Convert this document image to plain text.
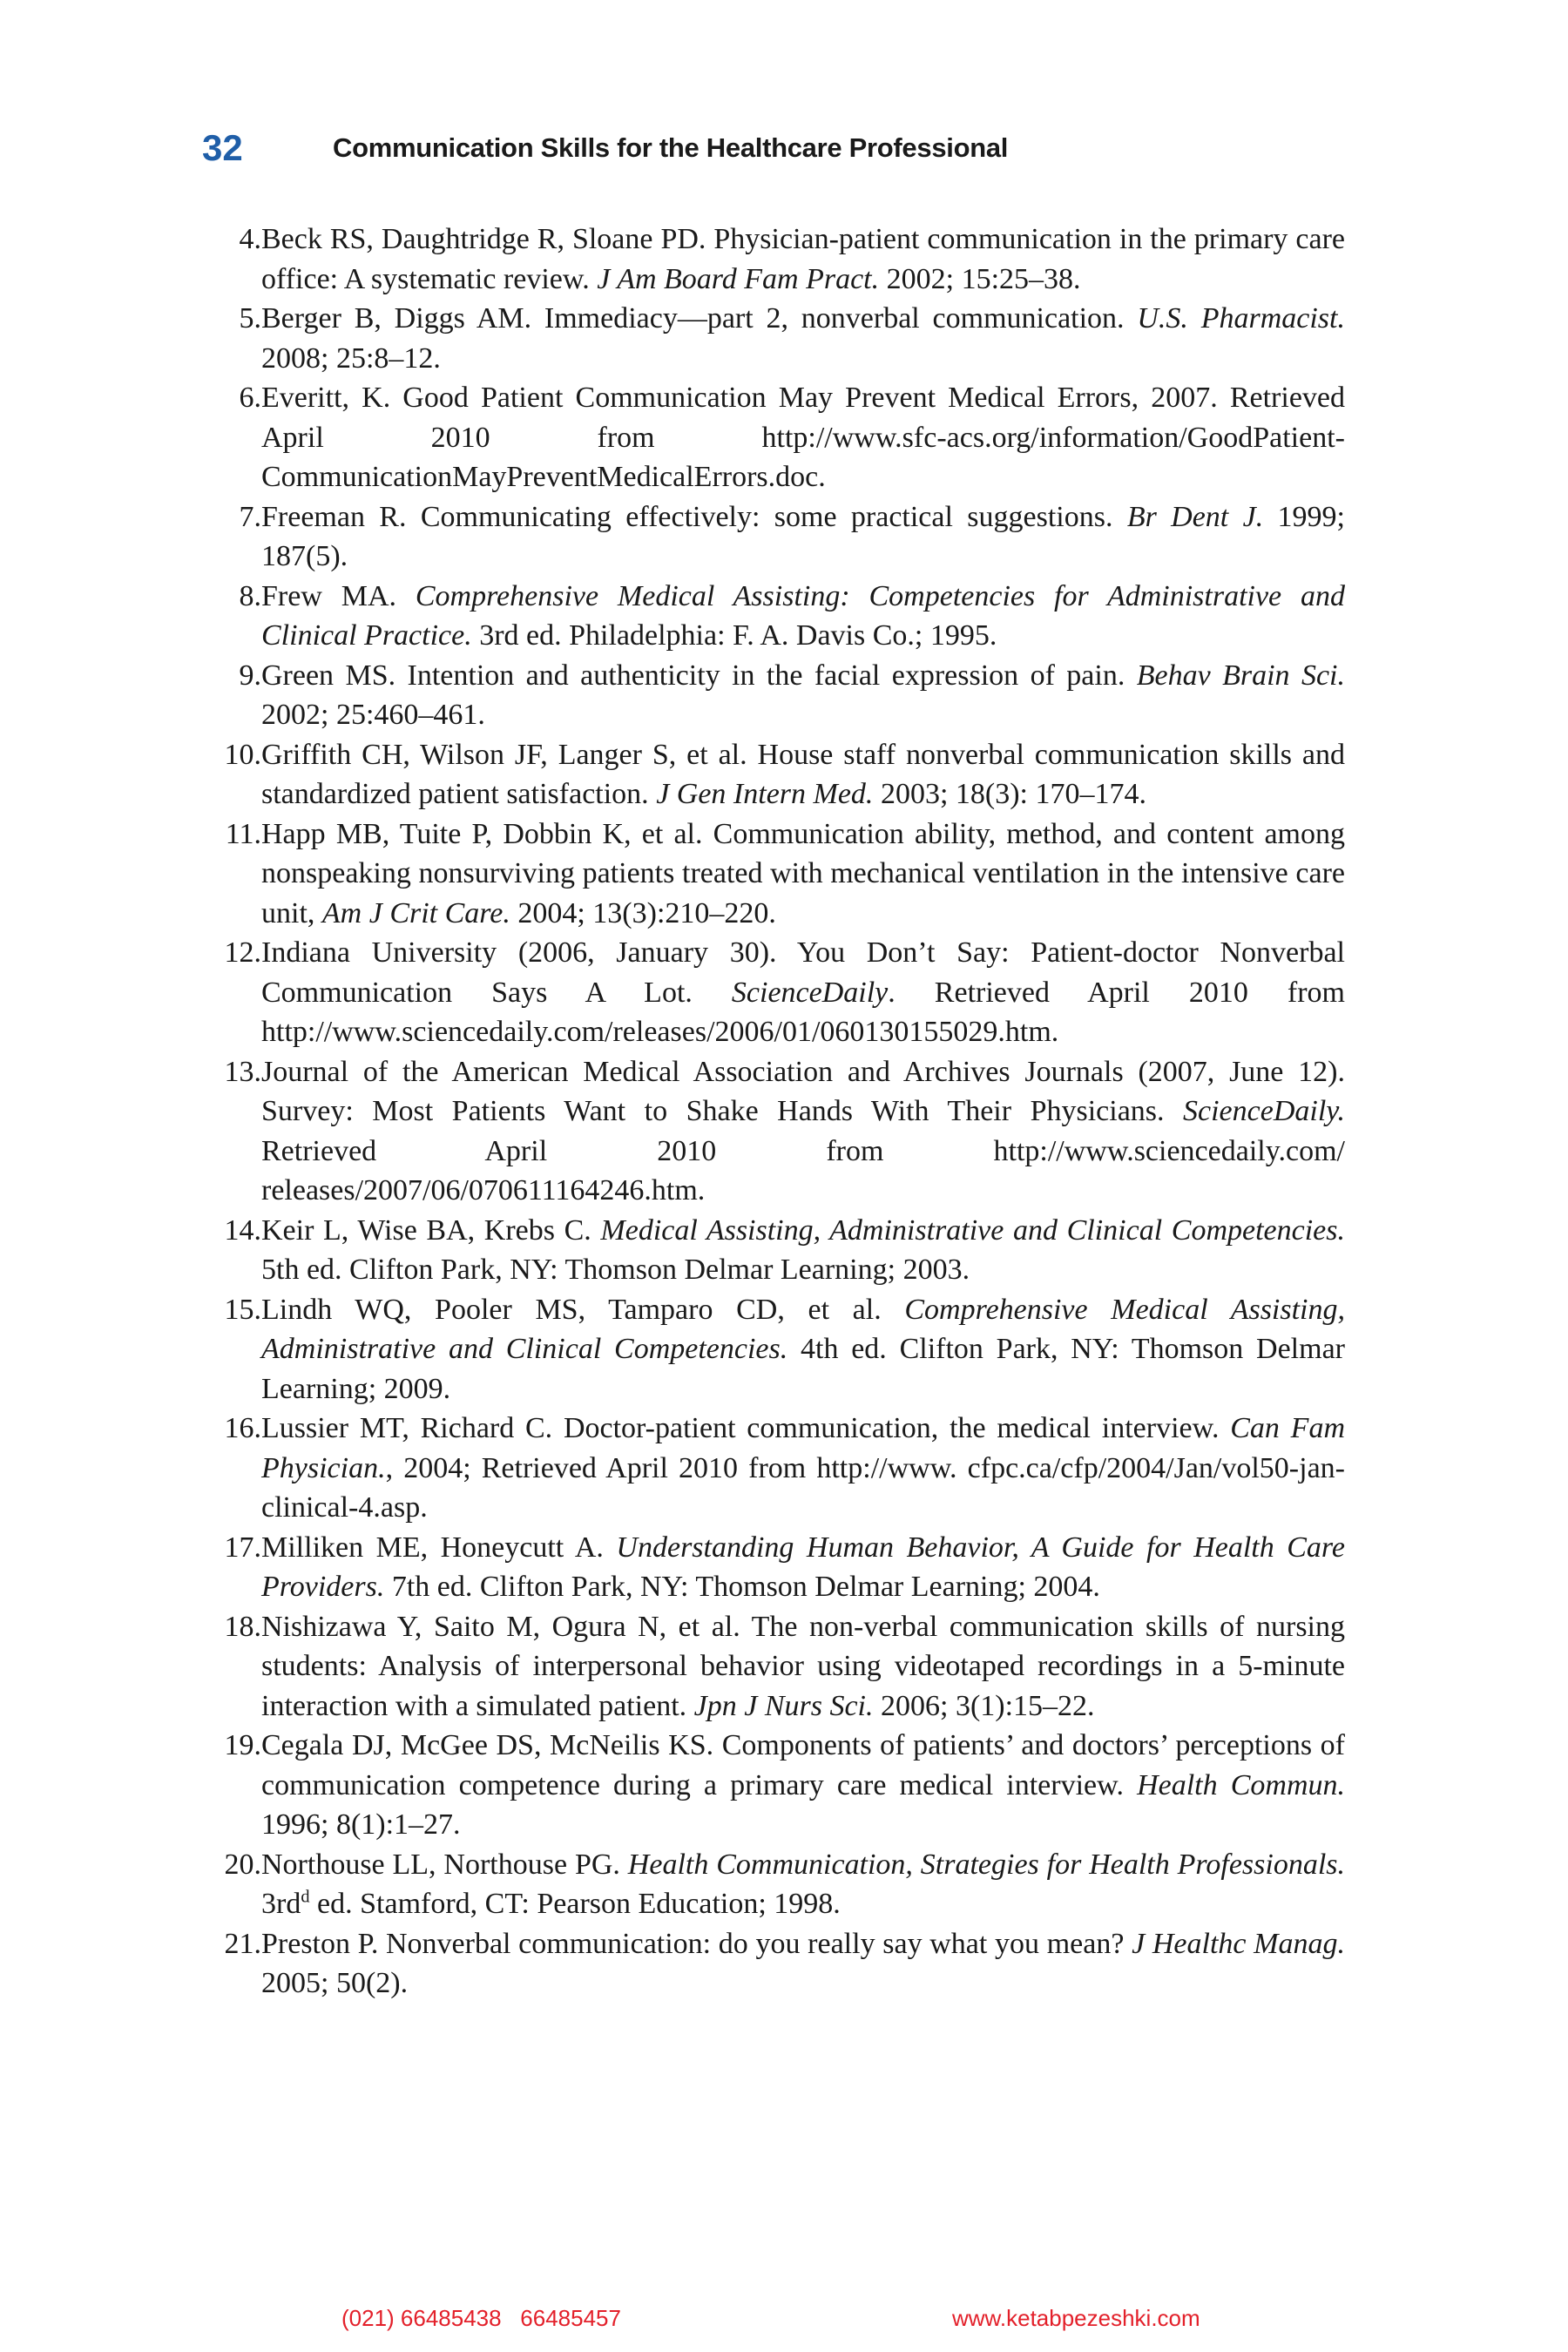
32	Communication Skills for the Healthcare Professional
4. Beck RS, Daughtridge R, Sloane PD. Physician-patient communication in the primary care office: A systematic review. J Am Board Fam Pract. 2002; 15:25–38.
5. Berger B, Diggs AM. Immediacy—part 2, nonverbal communication. U.S. Pharmacist. 2008; 25:8–12.
6. Everitt, K. Good Patient Communication May Prevent Medical Errors, 2007. Retrieved April 2010 from http://www.sfc-acs.org/information/GoodPatientCommunicationMayPreventMedicalErrors.doc.
7. Freeman R. Communicating effectively: some practical suggestions. Br Dent J. 1999; 187(5).
8. Frew MA. Comprehensive Medical Assisting: Competencies for Administrative and Clinical Practice. 3rd ed. Philadelphia: F. A. Davis Co.; 1995.
9. Green MS. Intention and authenticity in the facial expression of pain. Behav Brain Sci. 2002; 25:460–461.
10. Griffith CH, Wilson JF, Langer S, et al. House staff nonverbal communication skills and standardized patient satisfaction. J Gen Intern Med. 2003; 18(3): 170–174.
11. Happ MB, Tuite P, Dobbin K, et al. Communication ability, method, and content among nonspeaking nonsurviving patients treated with mechanical ventilation in the intensive care unit, Am J Crit Care. 2004; 13(3):210–220.
12. Indiana University (2006, January 30). You Don’t Say: Patient-doctor Nonverbal Communication Says A Lot. ScienceDaily. Retrieved April 2010 from http://www.sciencedaily.com/releases/2006/01/060130155029.htm.
13. Journal of the American Medical Association and Archives Journals (2007, June 12). Survey: Most Patients Want to Shake Hands With Their Physicians. ScienceDaily. Retrieved April 2010 from http://www.sciencedaily.com/ releases/2007/06/070611164246.htm.
14. Keir L, Wise BA, Krebs C. Medical Assisting, Administrative and Clinical Competencies. 5th ed. Clifton Park, NY: Thomson Delmar Learning; 2003.
15. Lindh WQ, Pooler MS, Tamparo CD, et al. Comprehensive Medical Assisting, Administrative and Clinical Competencies. 4th ed. Clifton Park, NY: Thomson Delmar Learning; 2009.
16. Lussier MT, Richard C. Doctor-patient communication, the medical interview. Can Fam Physician., 2004; Retrieved April 2010 from http://www. cfpc.ca/cfp/2004/Jan/vol50-jan-clinical-4.asp.
17. Milliken ME, Honeycutt A. Understanding Human Behavior, A Guide for Health Care Providers. 7th ed. Clifton Park, NY: Thomson Delmar Learning; 2004.
18. Nishizawa Y, Saito M, Ogura N, et al. The non-verbal communication skills of nursing students: Analysis of interpersonal behavior using videotaped recordings in a 5-minute interaction with a simulated patient. Jpn J Nurs Sci. 2006; 3(1):15–22.
19. Cegala DJ, McGee DS, McNeilis KS. Components of patients’ and doctors’ perceptions of communication competence during a primary care medical interview. Health Commun. 1996; 8(1):1–27.
20. Northouse LL, Northouse PG. Health Communication, Strategies for Health Professionals. $3rd^d$ ed. Stamford, CT: Pearson Education; 1998.
21. Preston P. Nonverbal communication: do you really say what you mean? J Healthc Manag. 2005; 50(2).
(021) 66485438   66485457	www.ketabpezeshki.com
